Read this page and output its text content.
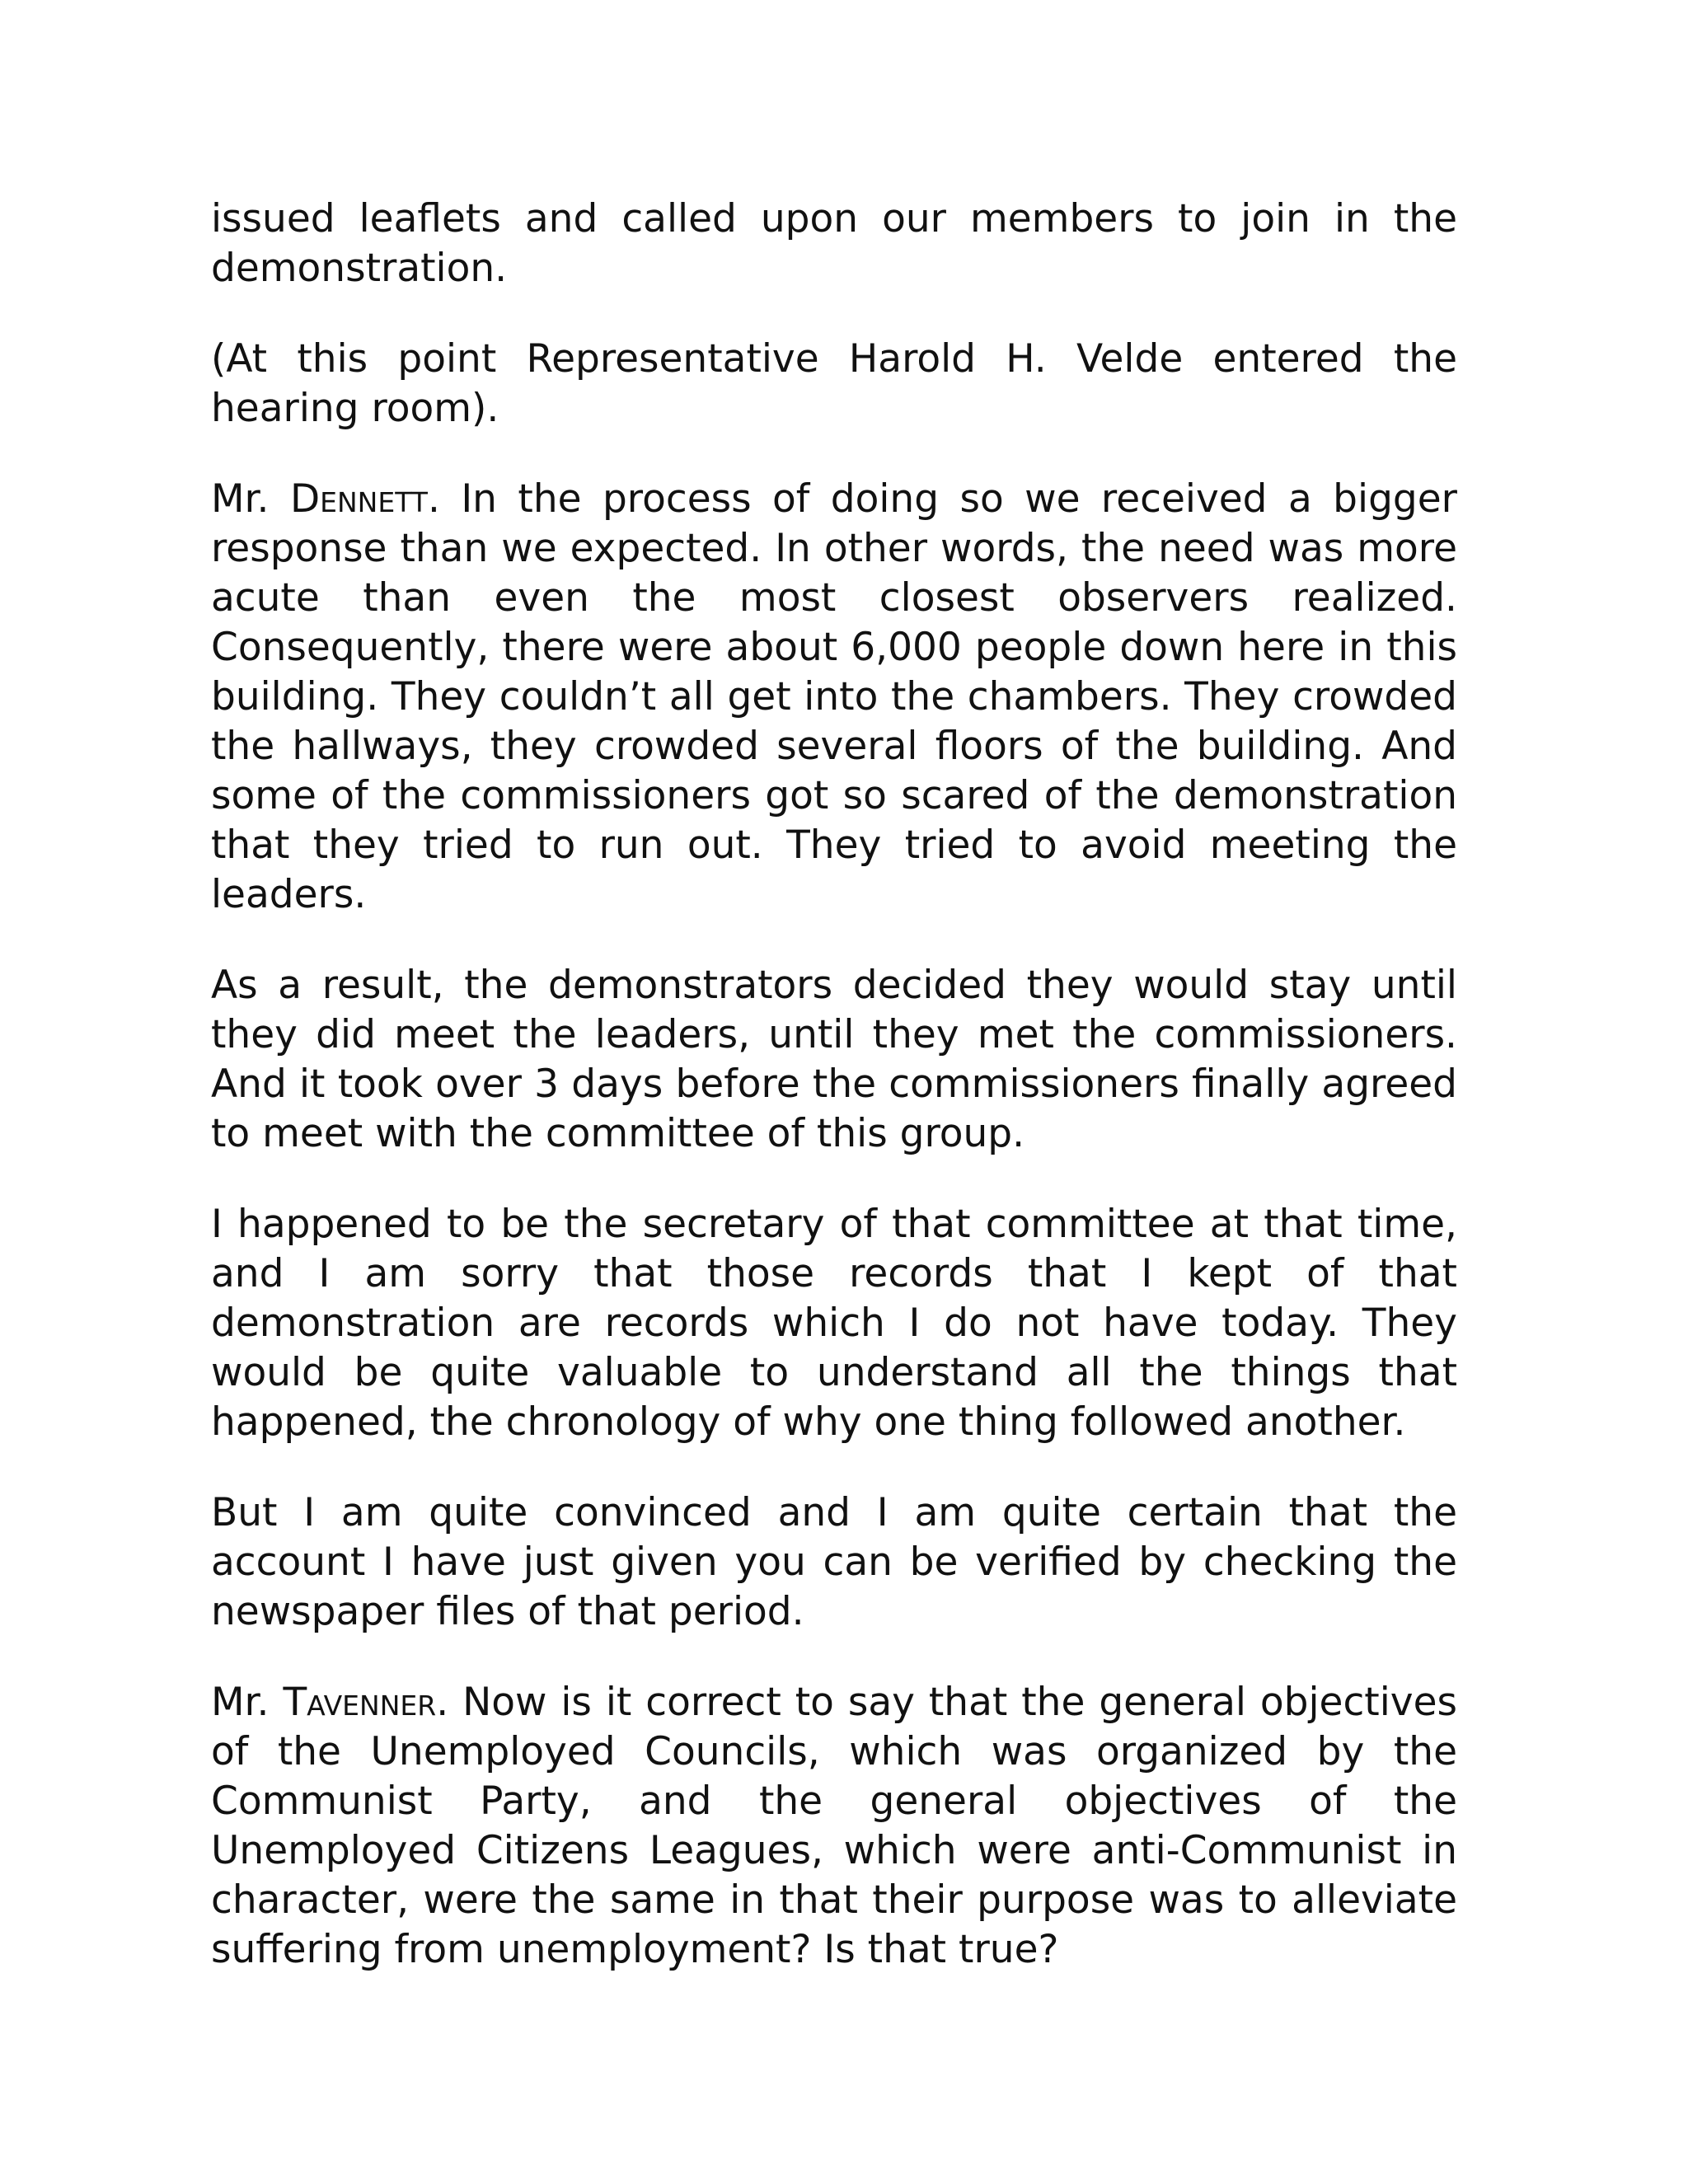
issued leaflets and called upon our members to join in the demonstration.

(At this point Representative Harold H. Velde entered the hearing room).

Mr. Dennett. In the process of doing so we received a bigger response than we expected. In other words, the need was more acute than even the most closest observers realized. Consequently, there were about 6,000 people down here in this building. They couldn’t all get into the chambers. They crowded the hallways, they crowded several floors of the building. And some of the commissioners got so scared of the demonstration that they tried to run out. They tried to avoid meeting the leaders.

As a result, the demonstrators decided they would stay until they did meet the leaders, until they met the commissioners. And it took over 3 days before the commissioners finally agreed to meet with the committee of this group.

I happened to be the secretary of that committee at that time, and I am sorry that those records that I kept of that demonstration are records which I do not have today. They would be quite valuable to understand all the things that happened, the chronology of why one thing followed another.

But I am quite convinced and I am quite certain that the account I have just given you can be verified by checking the newspaper files of that period.

Mr. Tavenner. Now is it correct to say that the general objectives of the Unemployed Councils, which was organized by the Communist Party, and the general objectives of the Unemployed Citizens Leagues, which were anti-Communist in character, were the same in that their purpose was to alleviate suffering from unemployment? Is that true?
